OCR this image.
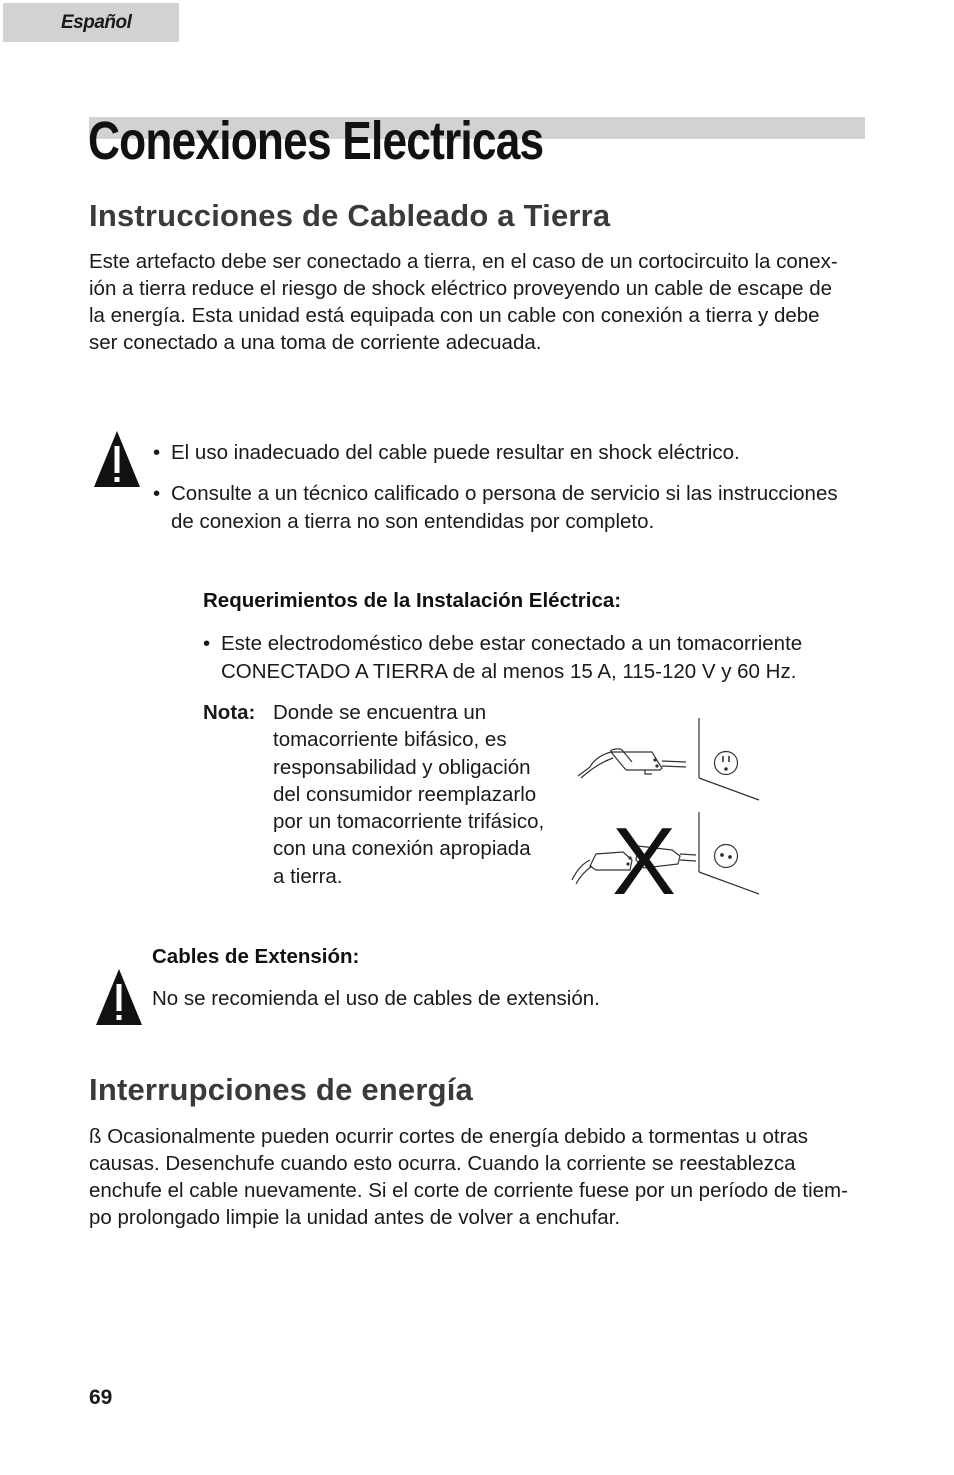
Español
Conexiones Electricas
Instrucciones de Cableado a Tierra

Este artefacto debe ser conectado a tierra, en el caso de un cortocircuito la conex-
ión a tierra reduce el riesgo de shock eléctrico proveyendo un cable de escape de
la energía. Esta unidad está equipada con un cable con conexión a tierra y debe
ser conectado a una toma de corriente adecuada.

• El uso inadecuado del cable puede resultar en shock eléctrico.
• Consulte a un técnico calificado o persona de servicio si las instrucciones de conexion a tierra no son entendidas por completo.
Requerimientos de la Instalación Eléctrica:
• Este electrodoméstico debe estar conectado a un tomacorriente CONECTADO A TIERRA de al menos 15 A, 115-120 V y 60 Hz.
Nota: Donde se encuentra un
tomacorriente bifásico, es
responsabilidad y obligación
del consumidor reemplazarlo
por un tomacorriente trifásico,
con una conexión apropiada
a tierra.	X
Cables de Extensión:

No se recomienda el uso de cables de extensión.

Interrupciones de energía

ß Ocasionalmente pueden ocurrir cortes de energía debido a tormentas u otras
causas. Desenchufe cuando esto ocurra. Cuando la corriente se reestablezca
enchufe el cable nuevamente. Si el corte de corriente fuese por un período de tiem-
po prolongado limpie la unidad antes de volver a enchufar.

69
